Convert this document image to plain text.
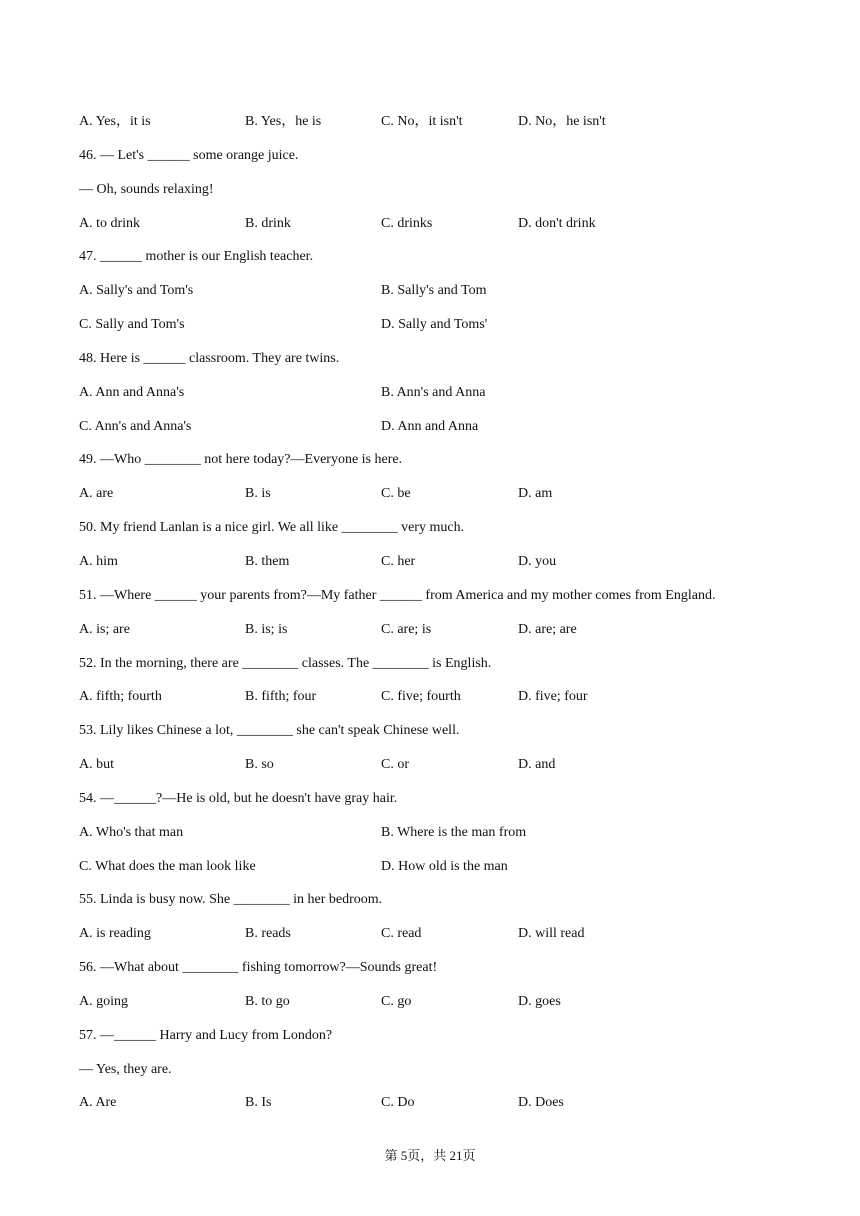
A. Yes，it is	B. Yes，he is	C. No，it isn't	D. No，he isn't
46. — Let's ______ some orange juice.
— Oh, sounds relaxing!
A. to drink	B. drink	C. drinks	D. don't drink
47. ______ mother is our English teacher.
A. Sally's and Tom's	B. Sally's and Tom
C. Sally and Tom's	D. Sally and Toms'
48. Here is ______ classroom. They are twins.
A. Ann and Anna's	B. Ann's and Anna
C. Ann's and Anna's	D. Ann and Anna
49. —Who ________ not here today?—Everyone is here.
A. are	B. is	C. be	D. am
50. My friend Lanlan is a nice girl. We all like ________ very much.
A. him	B. them	C. her	D. you
51. —Where ______ your parents from?—My father ______ from America and my mother comes from England.
A. is; are	B. is; is	C. are; is	D. are; are
52. In the morning, there are ________ classes. The ________ is English.
A. fifth; fourth	B. fifth; four	C. five; fourth	D. five; four
53. Lily likes Chinese a lot, ________ she can't speak Chinese well.
A. but	B. so	C. or	D. and
54. —______?—He is old, but he doesn't have gray hair.
A. Who's that man	B. Where is the man from
C. What does the man look like	D. How old is the man
55. Linda is busy now. She ________ in her bedroom.
A. is reading	B. reads	C. read	D. will read
56. —What about ________ fishing tomorrow?—Sounds great!
A. going	B. to go	C. go	D. goes
57. —______ Harry and Lucy from London?
— Yes, they are.
A. Are	B. Is	C. Do	D. Does
第 5页，共 21页
